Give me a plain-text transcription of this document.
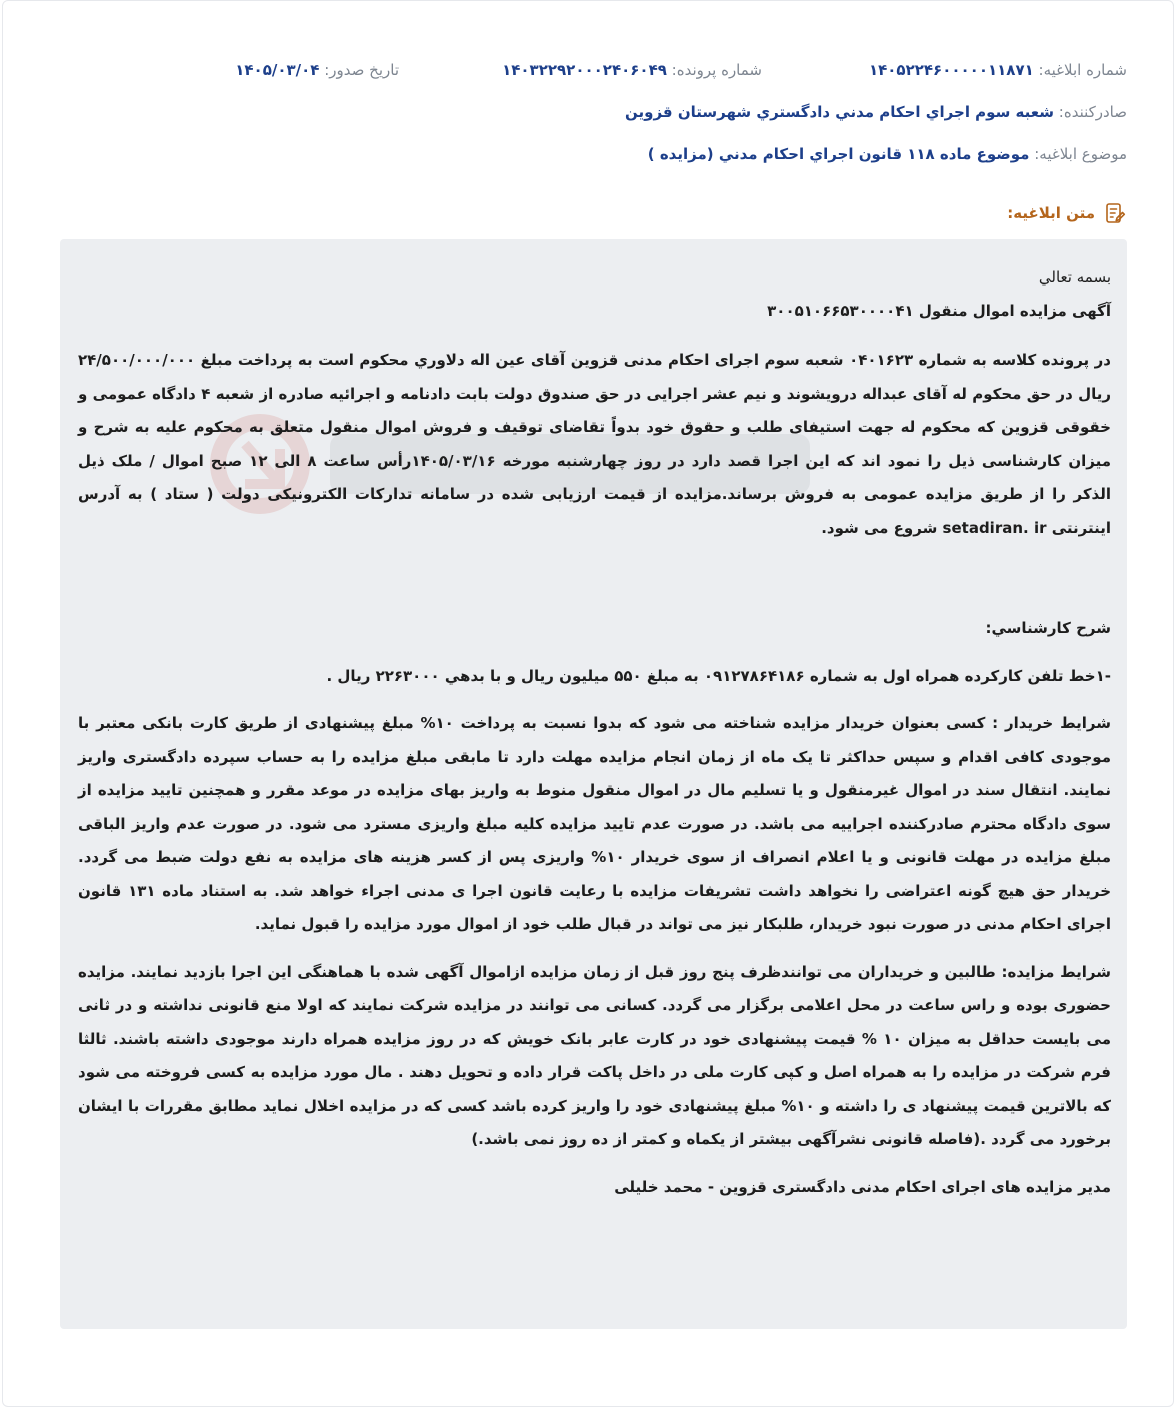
شماره ابلاغیه: ۱۴۰۵۲۲۴۶۰۰۰۰۰۱۱۸۷۱
شماره پرونده: ۱۴۰۳۲۲۹۲۰۰۰۲۴۰۶۰۴۹
تاریخ صدور: ۱۴۰۵/۰۳/۰۴
صادرکننده: شعبه سوم اجراي احكام مدني دادگستري شهرستان قزوين
موضوع ابلاغیه: موضوع ماده ۱۱۸ قانون اجراي احكام مدني (مزايده )
متن ابلاغیه:

بسمه تعالي

آگهی مزایده اموال منقول ۳۰۰۵۱۰۶۶۵۳۰۰۰۰۴۱

در پرونده کلاسه به شماره ۰۴۰۱۶۲۳ شعبه سوم اجرای احکام مدنی قزوین آقای عین اله دلاوري محکوم است به پرداخت مبلغ ۲۴/۵۰۰/۰۰۰/۰۰۰ ریال در حق محکوم له آقای عبداله درویشوند و نیم عشر اجرایی در حق صندوق دولت بابت دادنامه و اجرائیه صادره از شعبه ۴ دادگاه عمومی و خقوقی قزوین که محکوم له جهت استیفای طلب و حقوق خود بدواً تقاضای توقیف و فروش اموال منقول متعلق به محکوم علیه به شرح و میزان کارشناسی ذیل را نمود اند که این اجرا قصد دارد در روز چهارشنبه مورخه ۱۴۰۵/۰۳/۱۶رأس ساعت ۸ الی ۱۲ صبح اموال / ملک ذیل الذکر را از طریق مزایده عمومی به فروش برساند.مزایده از قیمت ارزیابی شده در سامانه تدارکات الکترونیکی دولت ( ستاد ) به آدرس اینترنتی setadiran. ir شروع می شود.

شرح کارشناسي:

-۱خط تلفن کارکرده همراه اول به شماره ۰۹۱۲۷۸۶۴۱۸۶ به مبلغ ۵۵۰ میلیون ریال و با بدهي ۲۲۶۳۰۰۰ ریال .

شرایط خریدار : کسی بعنوان خریدار مزایده شناخته می شود که بدوا نسبت به پرداخت ۱۰% مبلغ پیشنهادی از طریق کارت بانکی معتبر با موجودی کافی اقدام و سپس حداکثر تا یک ماه از زمان انجام مزایده مهلت دارد تا مابقی مبلغ مزایده را به حساب سپرده دادگستری واریز نمایند. انتقال سند در اموال غیرمنقول و یا تسلیم مال در اموال منقول منوط به واریز بهای مزایده در موعد مقرر و همچنین تایید مزایده از سوی دادگاه محترم صادرکننده اجراییه می باشد. در صورت عدم تایید مزایده کلیه مبلغ واریزی مسترد می شود. در صورت عدم واریز الباقی مبلغ مزایده در مهلت قانونی و یا اعلام انصراف از سوی خریدار ۱۰% واریزی پس از کسر هزینه های مزایده به نفع دولت ضبط می گردد. خریدار حق هیچ گونه اعتراضی را نخواهد داشت تشریفات مزایده با رعایت قانون اجرا ی مدنی اجراء خواهد شد. به استناد ماده ۱۳۱ قانون اجرای احکام مدنی در صورت نبود خریدار، طلبکار نیز می تواند در قبال طلب خود از اموال مورد مزایده را قبول نماید.

شرایط مزایده: طالبین و خریداران می توانندظرف پنج روز قبل از زمان مزایده ازاموال آگهی شده با هماهنگی این اجرا بازدید نمایند. مزایده حضوری بوده و راس ساعت در محل اعلامی برگزار می گردد. کسانی می توانند در مزایده شرکت نمایند که اولا منع قانونی نداشته و در ثانی می بایست حداقل به میزان ۱۰ % قیمت پیشنهادی خود در کارت عابر بانک خویش که در روز مزایده همراه دارند موجودی داشته باشند. ثالثا فرم شرکت در مزایده را به همراه اصل و کپی کارت ملی در داخل پاکت قرار داده و تحویل دهند . مال مورد مزایده به کسی فروخته می شود که بالاترین قیمت پیشنهاد ی را داشته و ۱۰% مبلغ پیشنهادی خود را واریز کرده باشد کسی که در مزایده اخلال نماید مطابق مقررات با ایشان برخورد می گردد .(فاصله قانونی نشرآگهی بیشتر از یکماه و کمتر از ده روز نمی باشد.)

مدیر مزایده های اجرای احکام مدنی دادگستری قزوین - محمد خلیلی
